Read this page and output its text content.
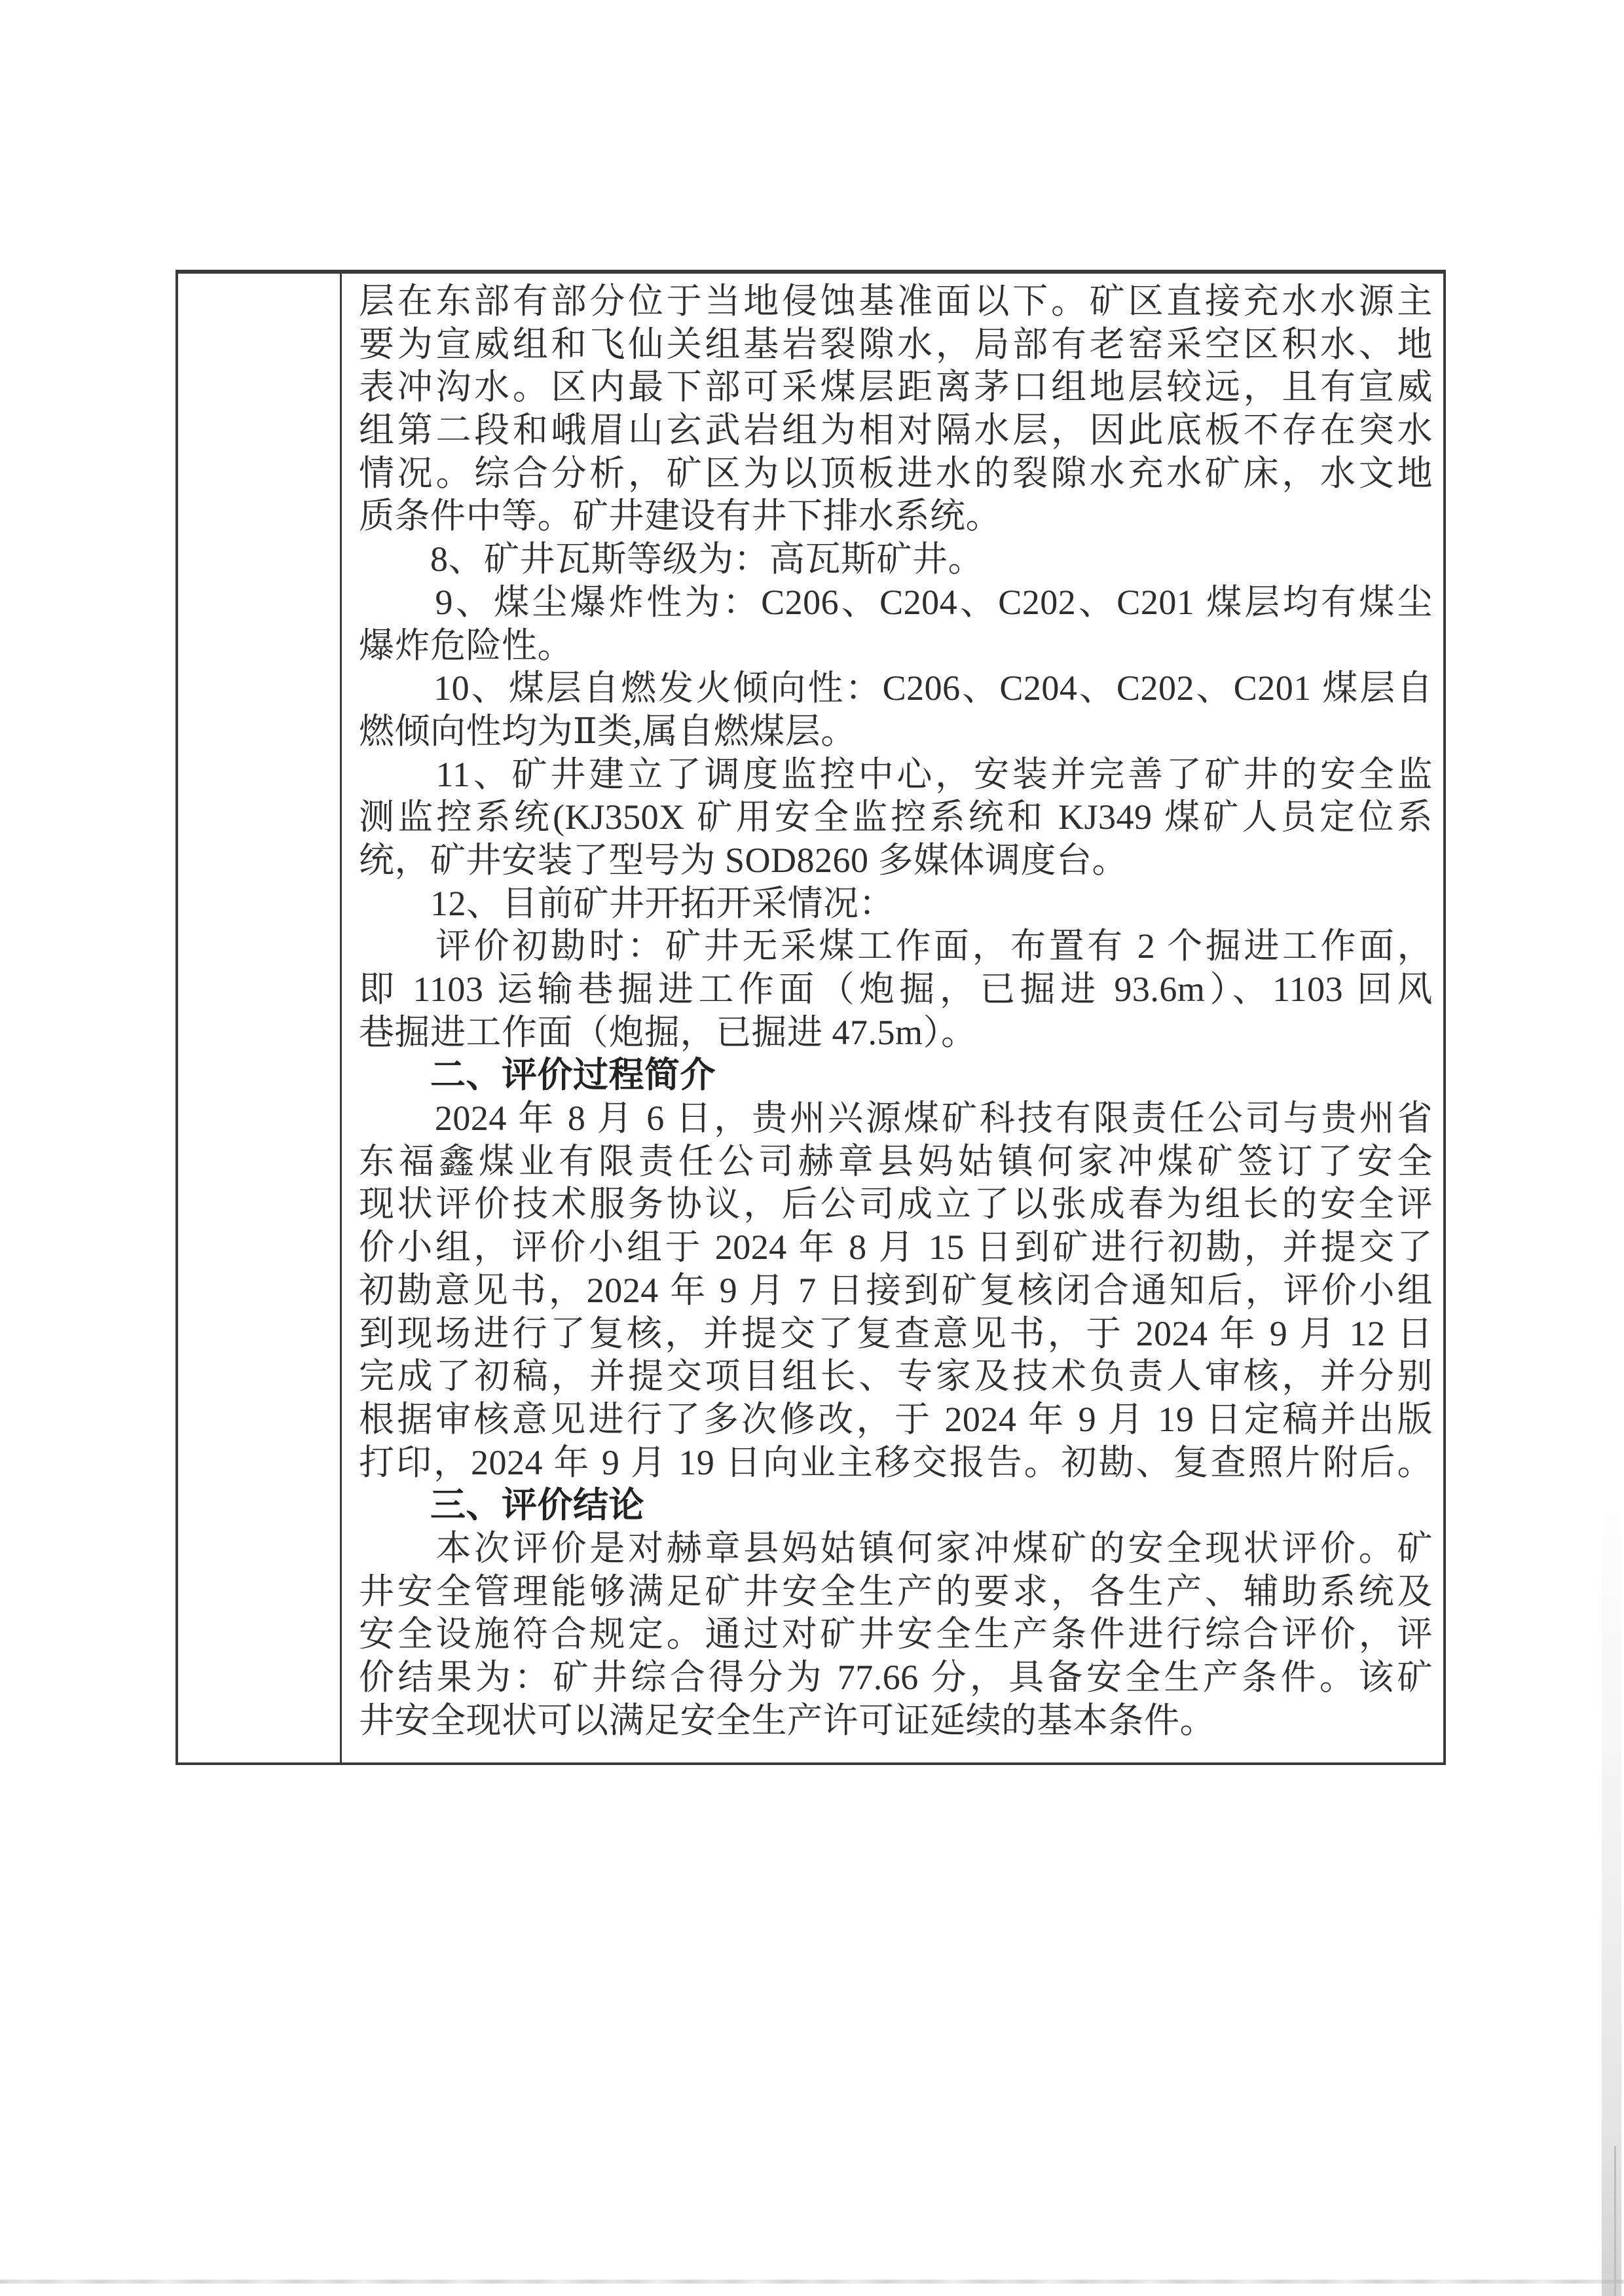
层在东部有部分位于当地侵蚀基准面以下。矿区直接充水水源主
要为宣威组和飞仙关组基岩裂隙水，局部有老窑采空区积水、地
表冲沟水。区内最下部可采煤层距离茅口组地层较远，且有宣威
组第二段和峨眉山玄武岩组为相对隔水层，因此底板不存在突水
情况。综合分析，矿区为以顶板进水的裂隙水充水矿床，水文地
质条件中等。矿井建设有井下排水系统。
　　8、矿井瓦斯等级为：高瓦斯矿井。
　　9、煤尘爆炸性为：C206、C204、C202、C201 煤层均有煤尘
爆炸危险性。
　　10、煤层自燃发火倾向性：C206、C204、C202、C201 煤层自
燃倾向性均为Ⅱ类,属自燃煤层。
　　11、矿井建立了调度监控中心，安装并完善了矿井的安全监
测监控系统(KJ350X 矿用安全监控系统和 KJ349 煤矿人员定位系
统，矿井安装了型号为 SOD8260 多媒体调度台。
　　12、目前矿井开拓开采情况：
　　评价初勘时：矿井无采煤工作面，布置有 2 个掘进工作面，
即 1103 运输巷掘进工作面（炮掘，已掘进 93.6m）、1103 回风
巷掘进工作面（炮掘，已掘进 47.5m）。
　　二、评价过程简介
　　2024 年 8 月 6 日，贵州兴源煤矿科技有限责任公司与贵州省
东福鑫煤业有限责任公司赫章县妈姑镇何家冲煤矿签订了安全
现状评价技术服务协议，后公司成立了以张成春为组长的安全评
价小组，评价小组于 2024 年 8 月 15 日到矿进行初勘，并提交了
初勘意见书，2024 年 9 月 7 日接到矿复核闭合通知后，评价小组
到现场进行了复核，并提交了复查意见书，于 2024 年 9 月 12 日
完成了初稿，并提交项目组长、专家及技术负责人审核，并分别
根据审核意见进行了多次修改，于 2024 年 9 月 19 日定稿并出版
打印，2024 年 9 月 19 日向业主移交报告。初勘、复查照片附后。
　　三、评价结论
　　本次评价是对赫章县妈姑镇何家冲煤矿的安全现状评价。矿
井安全管理能够满足矿井安全生产的要求，各生产、辅助系统及
安全设施符合规定。通过对矿井安全生产条件进行综合评价，评
价结果为：矿井综合得分为 77.66 分，具备安全生产条件。该矿
井安全现状可以满足安全生产许可证延续的基本条件。
